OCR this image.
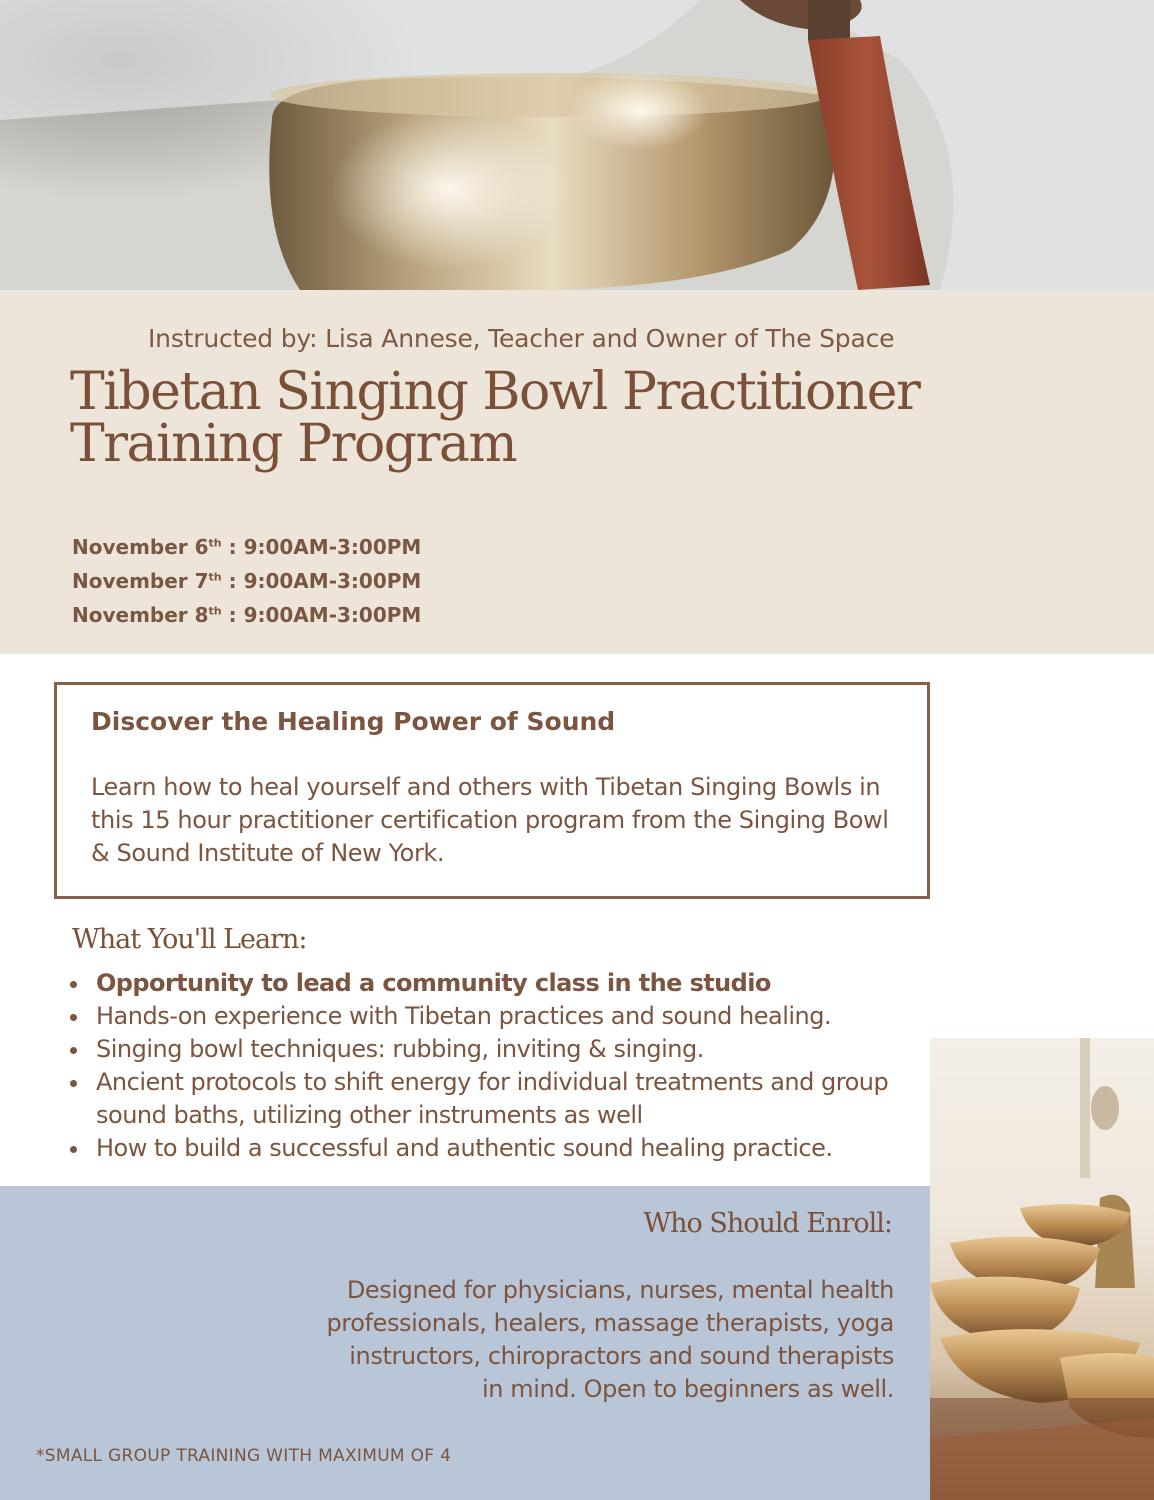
Instructed by: Lisa Annese, Teacher and Owner of The Space
Tibetan Singing Bowl Practitioner
Training Program
November 6th : 9:00AM-3:00PM
November 7th : 9:00AM-3:00PM
November 8th : 9:00AM-3:00PM
Discover the Healing Power of Sound
Learn how to heal yourself and others with Tibetan Singing Bowls in this 15 hour practitioner certification program from the Singing Bowl & Sound Institute of New York.
What You'll Learn:
Opportunity to lead a community class in the studio
Hands-on experience with Tibetan practices and sound healing.
Singing bowl techniques: rubbing, inviting & singing.
Ancient protocols to shift energy for individual treatments and group sound baths, utilizing other instruments as well
How to build a successful and authentic sound healing practice.
Who Should Enroll:
Designed for physicians, nurses, mental health
professionals, healers, massage therapists, yoga
instructors, chiropractors and sound therapists
in mind. Open to beginners as well.
*SMALL GROUP TRAINING WITH MAXIMUM OF 4
